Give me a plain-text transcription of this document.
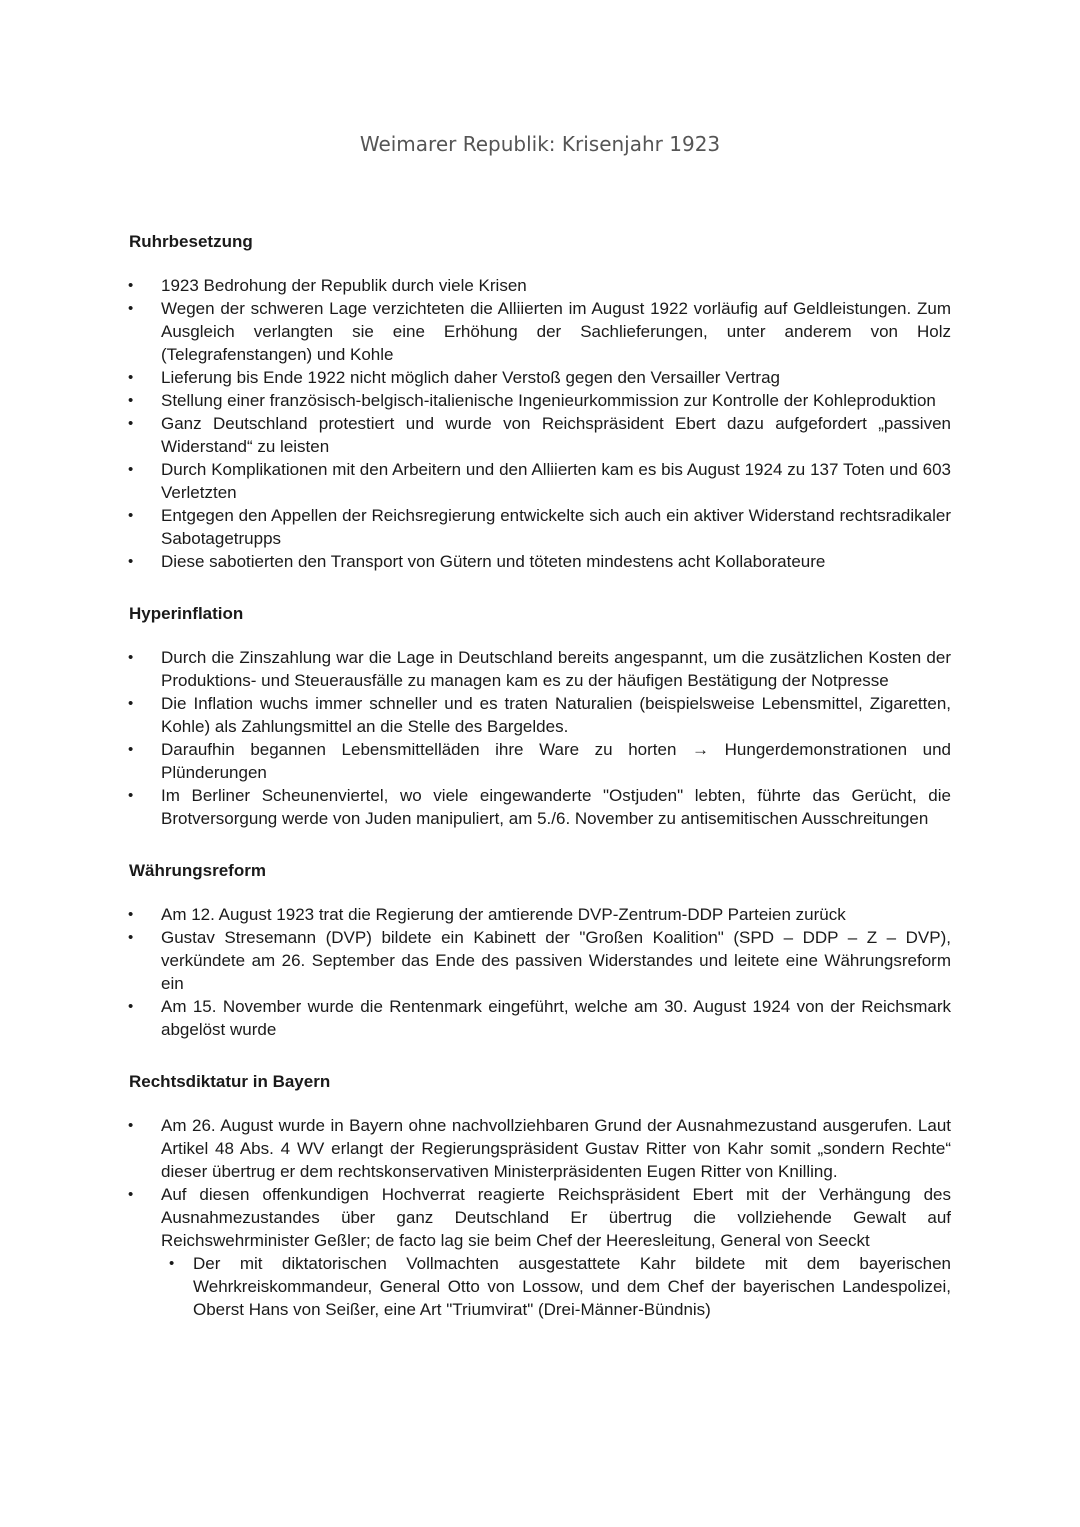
Weimarer Republik: Krisenjahr 1923
Ruhrbesetzung
• 1923 Bedrohung der Republik durch viele Krisen
• Wegen der schweren Lage verzichteten die Alliierten im August 1922 vorläufig auf Geldleistungen. Zum Ausgleich verlangten sie eine Erhöhung der Sachlieferungen, unter anderem von Holz (Telegrafenstangen) und Kohle
• Lieferung bis Ende 1922 nicht möglich daher Verstoß gegen den Versailler Vertrag
• Stellung einer französisch-belgisch-italienische Ingenieurkommission zur Kontrolle der Kohleproduktion
• Ganz Deutschland protestiert und wurde von Reichspräsident Ebert dazu aufgefordert „passiven Widerstand“ zu leisten
• Durch Komplikationen mit den Arbeitern und den Alliierten kam es bis August 1924 zu 137 Toten und 603 Verletzten
• Entgegen den Appellen der Reichsregierung entwickelte sich auch ein aktiver Widerstand rechtsradikaler Sabotagetrupps
• Diese sabotierten den Transport von Gütern und töteten mindestens acht Kollaborateure
Hyperinflation
• Durch die Zinszahlung war die Lage in Deutschland bereits angespannt, um die zusätzlichen Kosten der Produktions- und Steuerausfälle zu managen kam es zu der häufigen Bestätigung der Notpresse
• Die Inflation wuchs immer schneller und es traten Naturalien (beispielsweise Lebensmittel, Zigaretten, Kohle) als Zahlungsmittel an die Stelle des Bargeldes.
• Daraufhin begannen Lebensmittelläden ihre Ware zu horten → Hungerdemonstrationen und Plünderungen
• Im Berliner Scheunenviertel, wo viele eingewanderte "Ostjuden" lebten, führte das Gerücht, die Brotversorgung werde von Juden manipuliert, am 5./6. November zu antisemitischen Ausschreitungen
Währungsreform
• Am 12. August 1923 trat die Regierung der amtierende DVP-Zentrum-DDP Parteien zurück
• Gustav Stresemann (DVP) bildete ein Kabinett der "Großen Koalition" (SPD – DDP – Z – DVP), verkündete am 26. September das Ende des passiven Widerstandes und leitete eine Währungsreform ein
• Am 15. November wurde die Rentenmark eingeführt, welche am 30. August 1924 von der Reichsmark abgelöst wurde
Rechtsdiktatur in Bayern
• Am 26. August wurde in Bayern ohne nachvollziehbaren Grund der Ausnahmezustand ausgerufen. Laut Artikel 48 Abs. 4 WV erlangt der Regierungspräsident Gustav Ritter von Kahr somit „sondern Rechte“ dieser übertrug er dem rechtskonservativen Ministerpräsidenten Eugen Ritter von Knilling.
• Auf diesen offenkundigen Hochverrat reagierte Reichspräsident Ebert mit der Verhängung des Ausnahmezustandes über ganz Deutschland Er übertrug die vollziehende Gewalt auf Reichswehrminister Geßler; de facto lag sie beim Chef der Heeresleitung, General von Seeckt
• Der mit diktatorischen Vollmachten ausgestattete Kahr bildete mit dem bayerischen Wehrkreiskommandeur, General Otto von Lossow, und dem Chef der bayerischen Landespolizei, Oberst Hans von Seißer, eine Art "Triumvirat" (Drei-Männer-Bündnis)
